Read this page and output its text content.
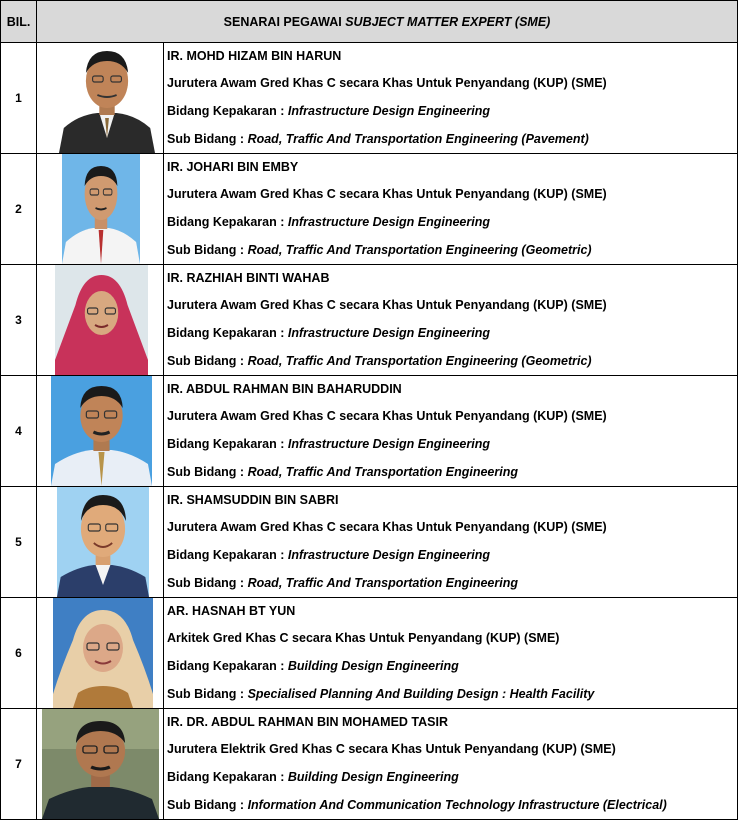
BIL.	SENARAI PEGAWAI SUBJECT MATTER EXPERT (SME)	
1		IR. MOHD HIZAM BIN HARUN
Jurutera Awam Gred Khas C secara Khas Untuk Penyandang (KUP) (SME)
Bidang Kepakaran : Infrastructure Design Engineering
Sub Bidang : Road, Traffic And Transportation Engineering (Pavement)

2		IR. JOHARI BIN EMBY
Jurutera Awam Gred Khas C secara Khas Untuk Penyandang (KUP) (SME)
Bidang Kepakaran : Infrastructure Design Engineering
Sub Bidang : Road, Traffic And Transportation Engineering (Geometric)

3		IR. RAZHIAH BINTI WAHAB
Jurutera Awam Gred Khas C secara Khas Untuk Penyandang (KUP) (SME)
Bidang Kepakaran : Infrastructure Design Engineering
Sub Bidang : Road, Traffic And Transportation Engineering (Geometric)

4		IR. ABDUL RAHMAN BIN BAHARUDDIN
Jurutera Awam Gred Khas C secara Khas Untuk Penyandang (KUP) (SME)
Bidang Kepakaran : Infrastructure Design Engineering
Sub Bidang : Road, Traffic And Transportation Engineering

5		IR. SHAMSUDDIN BIN SABRI
Jurutera Awam Gred Khas C secara Khas Untuk Penyandang (KUP) (SME)
Bidang Kepakaran : Infrastructure Design Engineering
Sub Bidang : Road, Traffic And Transportation Engineering

6		AR. HASNAH BT YUN
Arkitek Gred Khas C secara Khas Untuk Penyandang (KUP) (SME)
Bidang Kepakaran : Building Design Engineering
Sub Bidang : Specialised Planning And Building Design : Health Facility

7		IR. DR. ABDUL RAHMAN BIN MOHAMED TASIR
Jurutera Elektrik Gred Khas C secara Khas Untuk Penyandang (KUP) (SME)
Bidang Kepakaran : Building Design Engineering
Sub Bidang : Information And Communication Technology Infrastructure (Electrical)
